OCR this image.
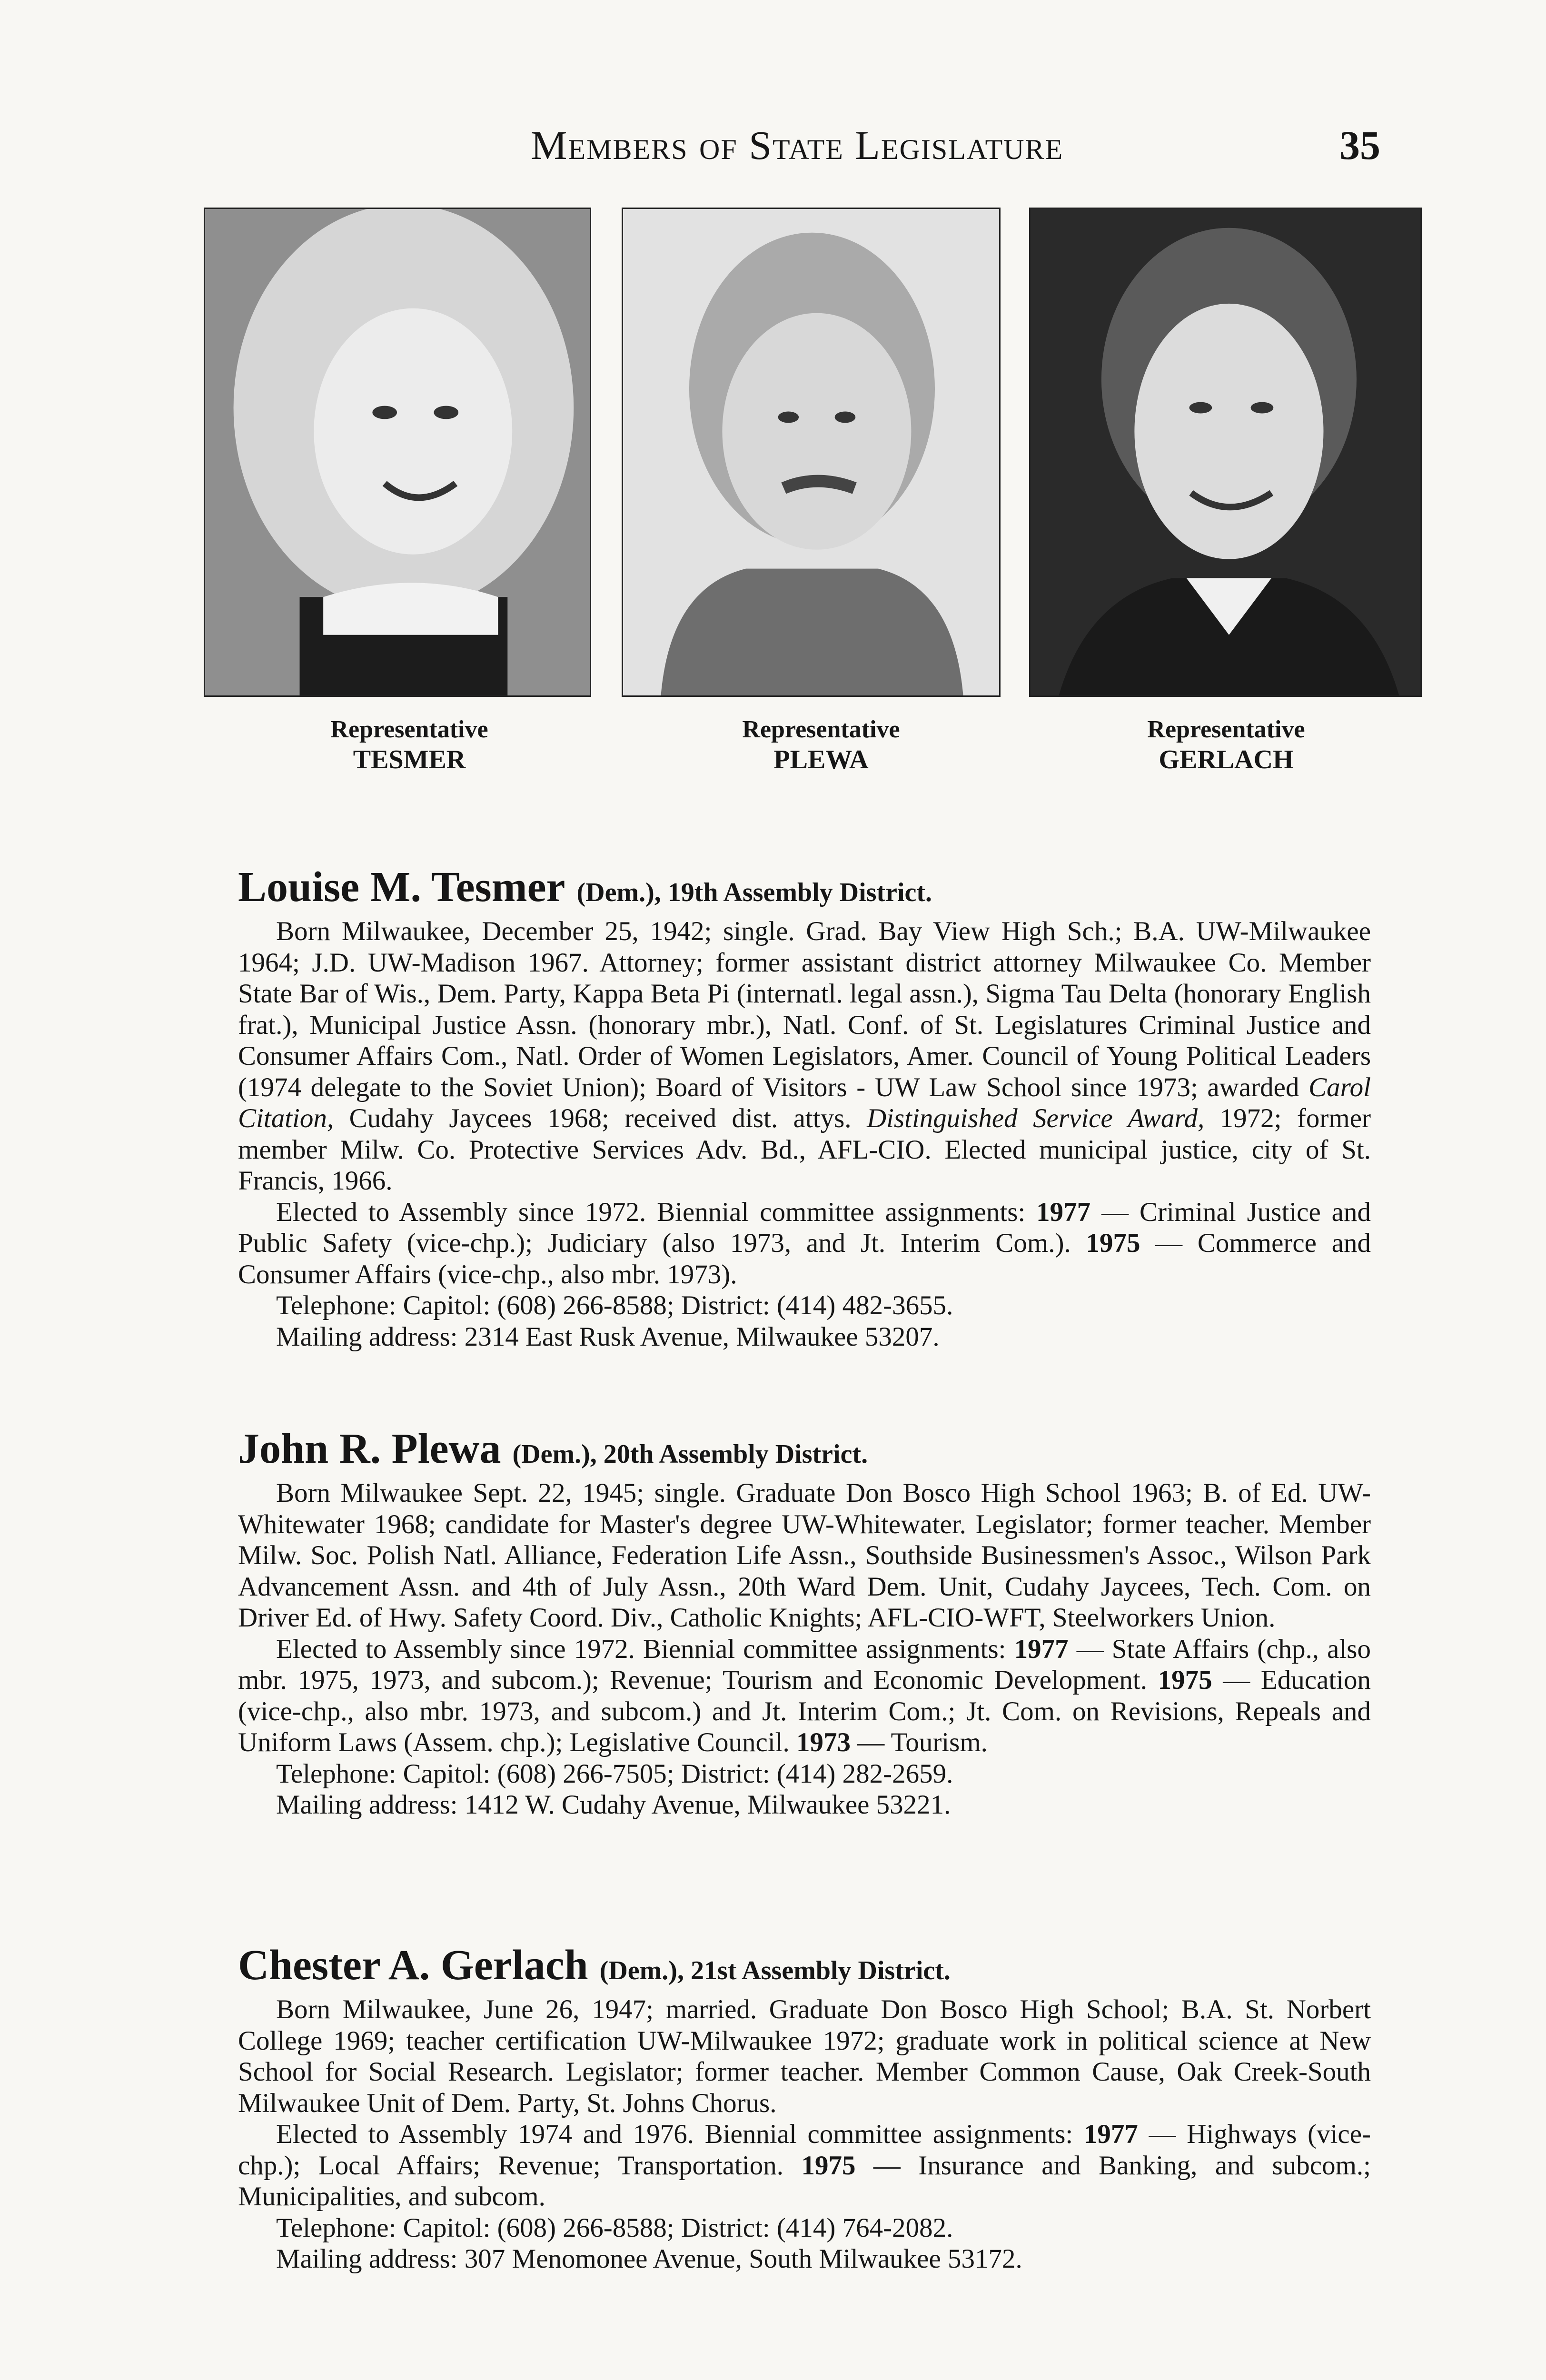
Members of State Legislature	35
Representative
TESMER
Representative
PLEWA
Representative
GERLACH
Louise M. Tesmer (Dem.), 19th Assembly District.

Born Milwaukee, December 25, 1942; single. Grad. Bay View High Sch.; B.A. UW-Milwaukee 1964; J.D. UW-Madison 1967. Attorney; former assistant district attorney Milwaukee Co. Member State Bar of Wis., Dem. Party, Kappa Beta Pi (internatl. legal assn.), Sigma Tau Delta (honorary English frat.), Municipal Justice Assn. (honorary mbr.), Natl. Conf. of St. Legislatures Criminal Justice and Consumer Affairs Com., Natl. Order of Women Legislators, Amer. Council of Young Political Leaders (1974 delegate to the Soviet Union); Board of Visitors - UW Law School since 1973; awarded Carol Citation, Cudahy Jaycees 1968; received dist. attys. Distinguished Service Award, 1972; former member Milw. Co. Protective Services Adv. Bd., AFL-CIO. Elected municipal justice, city of St. Francis, 1966.

Elected to Assembly since 1972. Biennial committee assignments: 1977 — Criminal Justice and Public Safety (vice-chp.); Judiciary (also 1973, and Jt. Interim Com.). 1975 — Commerce and Consumer Affairs (vice-chp., also mbr. 1973).

Telephone: Capitol: (608) 266-8588; District: (414) 482-3655.

Mailing address: 2314 East Rusk Avenue, Milwaukee 53207.

John R. Plewa (Dem.), 20th Assembly District.

Born Milwaukee Sept. 22, 1945; single. Graduate Don Bosco High School 1963; B. of Ed. UW-Whitewater 1968; candidate for Master's degree UW-Whitewater. Legislator; former teacher. Member Milw. Soc. Polish Natl. Alliance, Federation Life Assn., Southside Businessmen's Assoc., Wilson Park Advancement Assn. and 4th of July Assn., 20th Ward Dem. Unit, Cudahy Jaycees, Tech. Com. on Driver Ed. of Hwy. Safety Coord. Div., Catholic Knights; AFL-CIO-WFT, Steelworkers Union.

Elected to Assembly since 1972. Biennial committee assignments: 1977 — State Affairs (chp., also mbr. 1975, 1973, and subcom.); Revenue; Tourism and Economic Development. 1975 — Education (vice-chp., also mbr. 1973, and subcom.) and Jt. Interim Com.; Jt. Com. on Revisions, Repeals and Uniform Laws (Assem. chp.); Legislative Council. 1973 — Tourism.

Telephone: Capitol: (608) 266-7505; District: (414) 282-2659.

Mailing address: 1412 W. Cudahy Avenue, Milwaukee 53221.

Chester A. Gerlach (Dem.), 21st Assembly District.

Born Milwaukee, June 26, 1947; married. Graduate Don Bosco High School; B.A. St. Norbert College 1969; teacher certification UW-Milwaukee 1972; graduate work in political science at New School for Social Research. Legislator; former teacher. Member Common Cause, Oak Creek-South Milwaukee Unit of Dem. Party, St. Johns Chorus.

Elected to Assembly 1974 and 1976. Biennial committee assignments: 1977 — Highways (vice-chp.); Local Affairs; Revenue; Transportation. 1975 — Insurance and Banking, and subcom.; Municipalities, and subcom.

Telephone: Capitol: (608) 266-8588; District: (414) 764-2082.

Mailing address: 307 Menomonee Avenue, South Milwaukee 53172.
